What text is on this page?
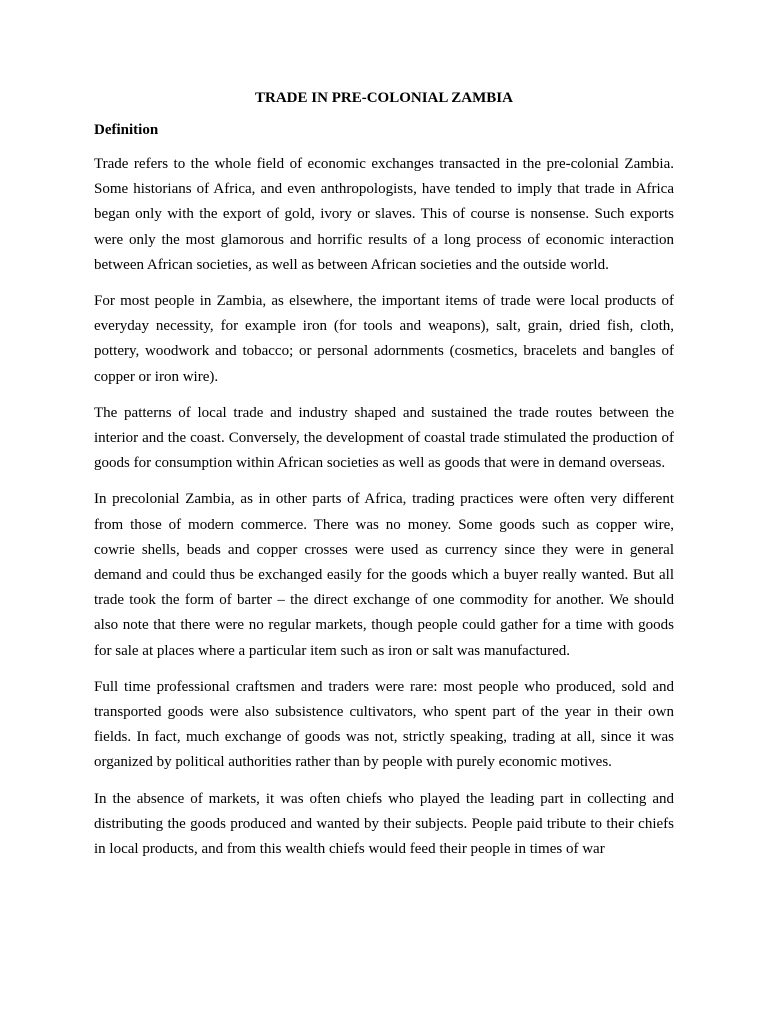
TRADE IN PRE-COLONIAL ZAMBIA
Definition

Trade refers to the whole field of economic exchanges transacted in the pre-colonial Zambia. Some historians of Africa, and even anthropologists, have tended to imply that trade in Africa began only with the export of gold, ivory or slaves. This of course is nonsense. Such exports were only the most glamorous and horrific results of a long process of economic interaction between African societies, as well as between African societies and the outside world.

For most people in Zambia, as elsewhere, the important items of trade were local products of everyday necessity, for example iron (for tools and weapons), salt, grain, dried fish, cloth, pottery, woodwork and tobacco; or personal adornments (cosmetics, bracelets and bangles of copper or iron wire).

The patterns of local trade and industry shaped and sustained the trade routes between the interior and the coast. Conversely, the development of coastal trade stimulated the production of goods for consumption within African societies as well as goods that were in demand overseas.

In precolonial Zambia, as in other parts of Africa, trading practices were often very different from those of modern commerce. There was no money. Some goods such as copper wire, cowrie shells, beads and copper crosses were used as currency since they were in general demand and could thus be exchanged easily for the goods which a buyer really wanted. But all trade took the form of barter – the direct exchange of one commodity for another. We should also note that there were no regular markets, though people could gather for a time with goods for sale at places where a particular item such as iron or salt was manufactured.

Full time professional craftsmen and traders were rare: most people who produced, sold and transported goods were also subsistence cultivators, who spent part of the year in their own fields. In fact, much exchange of goods was not, strictly speaking, trading at all, since it was organized by political authorities rather than by people with purely economic motives.

In the absence of markets, it was often chiefs who played the leading part in collecting and distributing the goods produced and wanted by their subjects. People paid tribute to their chiefs in local products, and from this wealth chiefs would feed their people in times of war
